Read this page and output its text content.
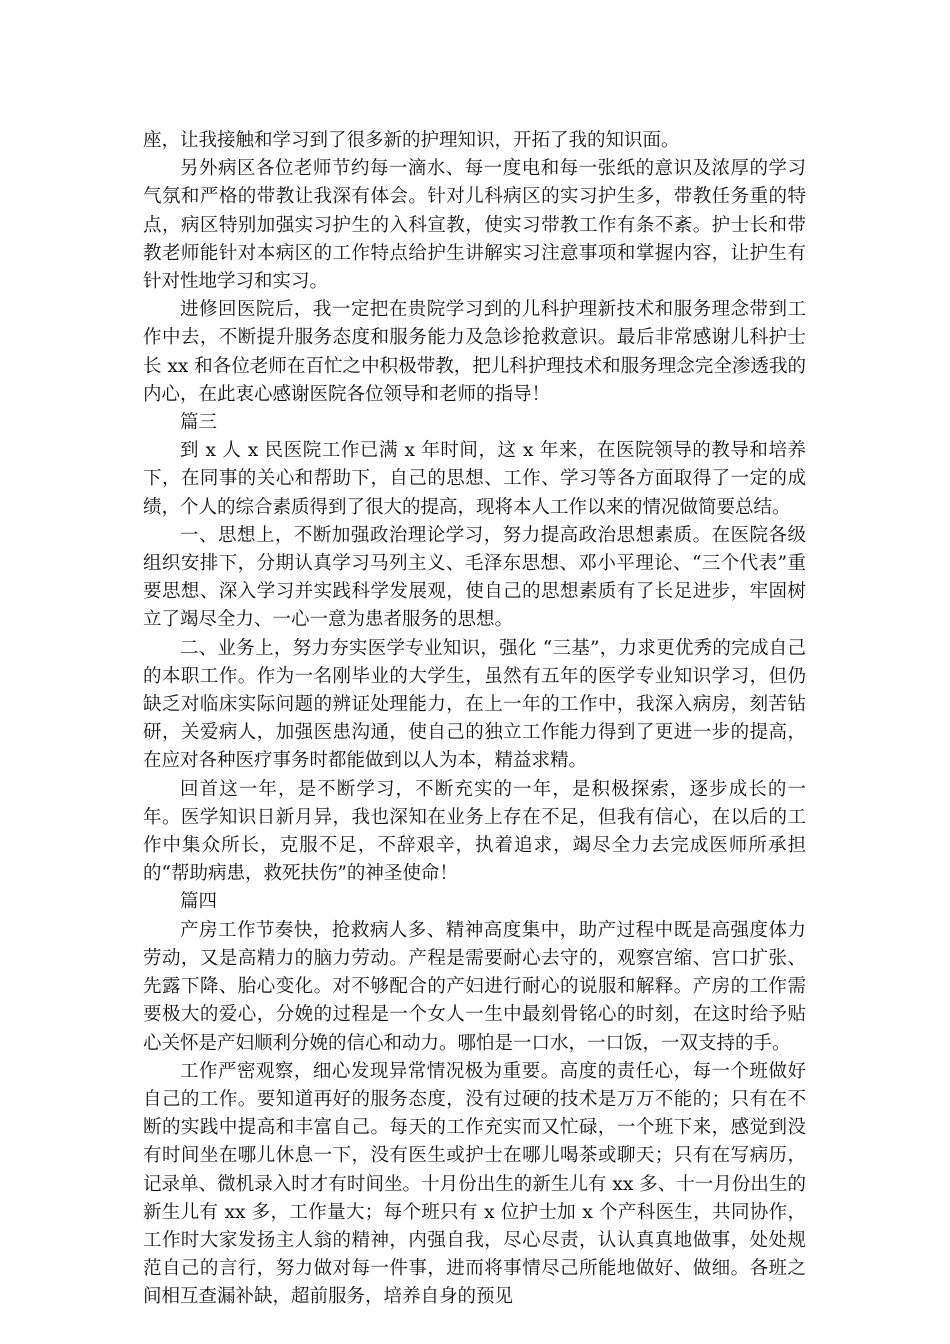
座，让我接触和学习到了很多新的护理知识，开拓了我的知识面。

另外病区各位老师节约每一滴水、每一度电和每一张纸的意识及浓厚的学习气氛和严格的带教让我深有体会。针对儿科病区的实习护生多，带教任务重的特点，病区特别加强实习护生的入科宣教，使实习带教工作有条不紊。护士长和带教老师能针对本病区的工作特点给护生讲解实习注意事项和掌握内容，让护生有针对性地学习和实习。

进修回医院后，我一定把在贵院学习到的儿科护理新技术和服务理念带到工作中去，不断提升服务态度和服务能力及急诊抢救意识。最后非常感谢儿科护士长 xx 和各位老师在百忙之中积极带教，把儿科护理技术和服务理念完全渗透我的内心，在此衷心感谢医院各位领导和老师的指导！

篇三

到 x 人 x 民医院工作已满 x 年时间，这 x 年来，在医院领导的教导和培养下，在同事的关心和帮助下，自己的思想、工作、学习等各方面取得了一定的成绩，个人的综合素质得到了很大的提高，现将本人工作以来的情况做简要总结。

一、思想上，不断加强政治理论学习，努力提高政治思想素质。在医院各级组织安排下，分期认真学习马列主义、毛泽东思想、邓小平理论、“三个代表”重要思想、深入学习并实践科学发展观，使自己的思想素质有了长足进步，牢固树立了竭尽全力、一心一意为患者服务的思想。

二、业务上，努力夯实医学专业知识，强化 “三基”，力求更优秀的完成自己的本职工作。作为一名刚毕业的大学生，虽然有五年的医学专业知识学习，但仍缺乏对临床实际问题的辨证处理能力，在上一年的工作中，我深入病房，刻苦钻研，关爱病人，加强医患沟通，使自己的独立工作能力得到了更进一步的提高，在应对各种医疗事务时都能做到以人为本，精益求精。

回首这一年，是不断学习，不断充实的一年，是积极探索，逐步成长的一年。医学知识日新月异，我也深知在业务上存在不足，但我有信心，在以后的工作中集众所长，克服不足，不辞艰辛，执着追求，竭尽全力去完成医师所承担的“帮助病患，救死扶伤”的神圣使命！

篇四

产房工作节奏快，抢救病人多、精神高度集中，助产过程中既是高强度体力劳动，又是高精力的脑力劳动。产程是需要耐心去守的，观察宫缩、宫口扩张、先露下降、胎心变化。对不够配合的产妇进行耐心的说服和解释。产房的工作需要极大的爱心，分娩的过程是一个女人一生中最刻骨铭心的时刻，在这时给予贴心关怀是产妇顺利分娩的信心和动力。哪怕是一口水，一口饭，一双支持的手。

工作严密观察，细心发现异常情况极为重要。高度的责任心，每一个班做好自己的工作。要知道再好的服务态度，没有过硬的技术是万万不能的；只有在不断的实践中提高和丰富自己。每天的工作充实而又忙碌，一个班下来，感觉到没有时间坐在哪儿休息一下，没有医生或护士在哪儿喝茶或聊天；只有在写病历，记录单、微机录入时才有时间坐。十月份出生的新生儿有 xx 多、十一月份出生的新生儿有 xx 多，工作量大；每个班只有 x 位护士加 x 个产科医生，共同协作，工作时大家发扬主人翁的精神，内强自我，尽心尽责，认认真真地做事，处处规范自己的言行，努力做对每一件事，进而将事情尽己所能地做好、做细。各班之间相互查漏补缺，超前服务，培养自身的预见
